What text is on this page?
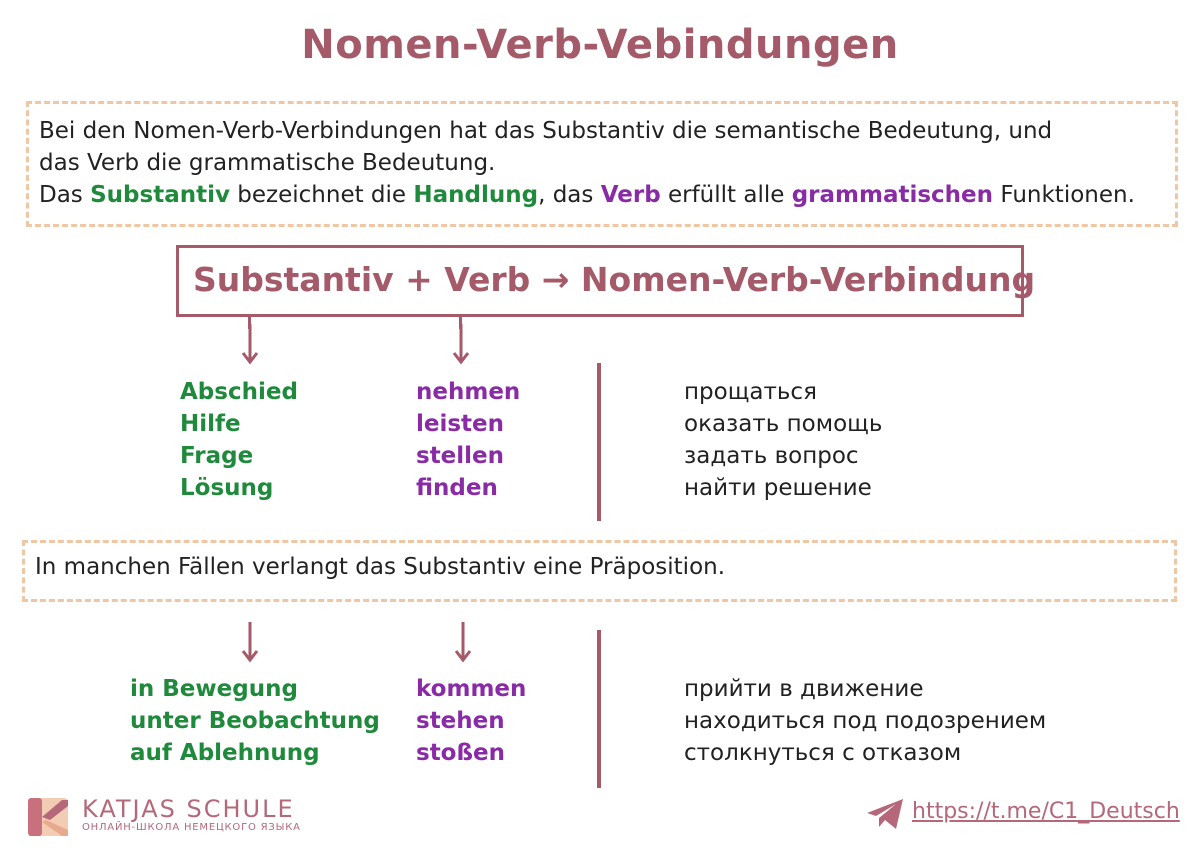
Nomen-Verb-Vebindungen
Bei den Nomen-Verb-Verbindungen hat das Substantiv die semantische Bedeutung, und
das Verb die grammatische Bedeutung.
Das Substantiv bezeichnet die Handlung, das Verb erfüllt alle grammatischen Funktionen.
Substantiv + Verb → Nomen-Verb-Verbindung
Abschied
Hilfe
Frage
Lösung
nehmen
leisten
stellen
finden
прощаться
оказать помощь
задать вопрос
найти решение
In manchen Fällen verlangt das Substantiv eine Präposition.
in Bewegung
unter Beobachtung
auf Ablehnung
kommen
stehen
stoßen
прийти в движение
находиться под подозрением
столкнуться с отказом
KATJAS SCHULE
ОНЛАЙН-ШКОЛА НЕМЕЦКОГО ЯЗЫКА
https://t.me/C1_Deutsch
